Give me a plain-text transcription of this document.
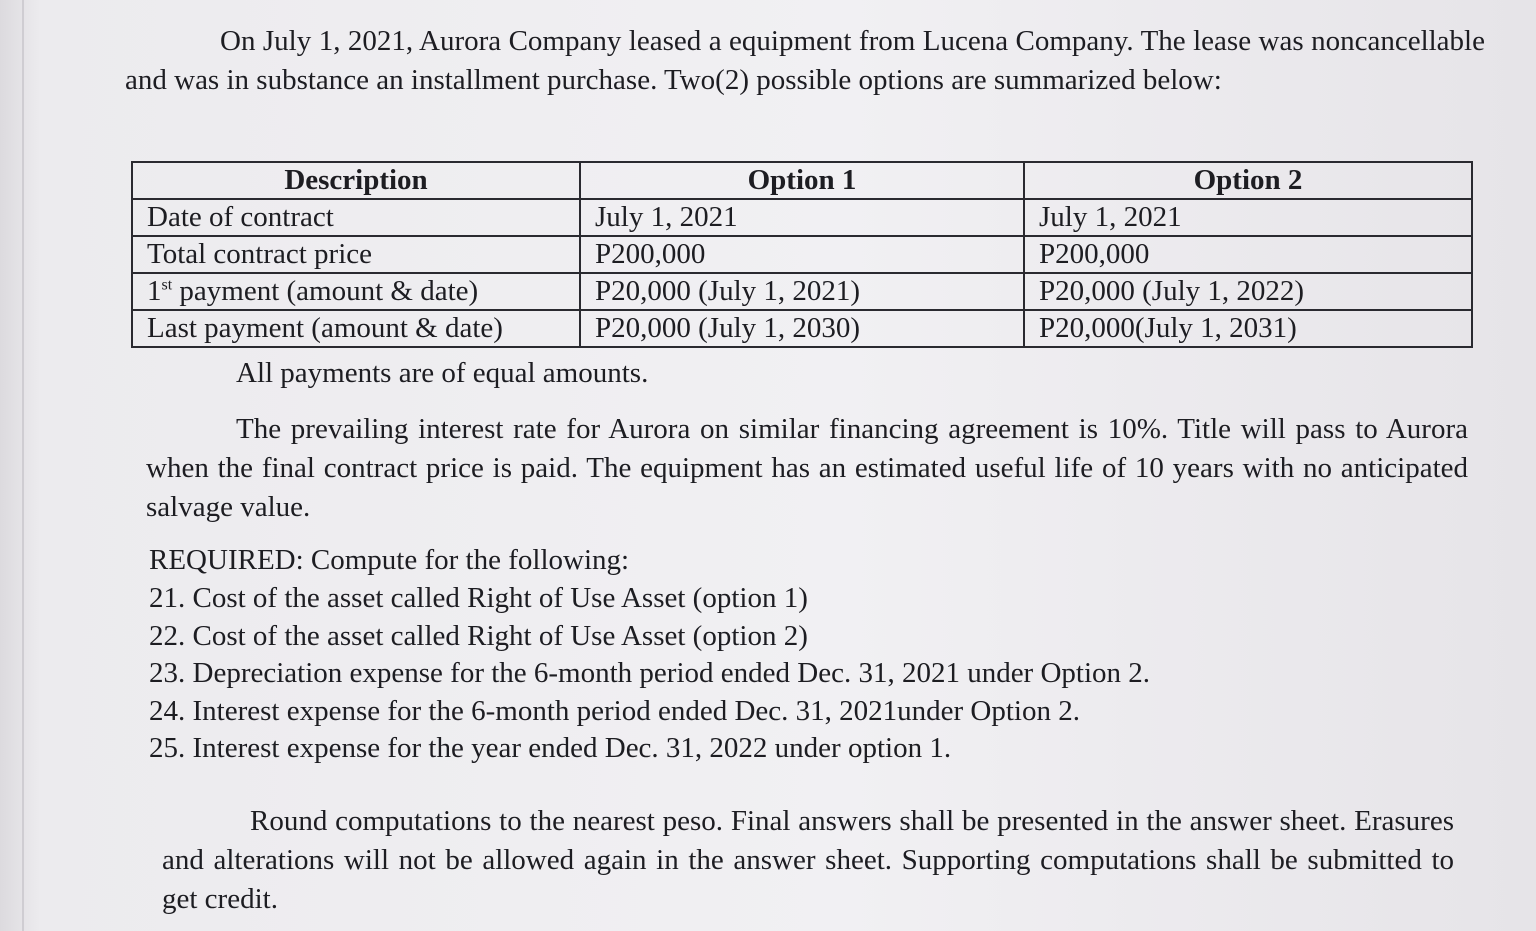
On July 1, 2021, Aurora Company leased a equipment from Lucena Company. The lease was noncancellable and was in substance an installment purchase. Two(2) possible options are summarized below:

Description	Option 1	Option 2
Date of contract	July 1, 2021	July 1, 2021
Total contract price	P200,000	P200,000
1st payment (amount & date)	P20,000 (July 1, 2021)	P20,000 (July 1, 2022)
Last payment (amount & date)	P20,000 (July 1, 2030)	P20,000(July 1, 2031)

All payments are of equal amounts.

The prevailing interest rate for Aurora on similar financing agreement is 10%. Title will pass to Aurora when the final contract price is paid. The equipment has an estimated useful life of 10 years with no anticipated salvage value.

REQUIRED: Compute for the following:

21. Cost of the asset called Right of Use Asset (option 1)
22. Cost of the asset called Right of Use Asset (option 2)
23. Depreciation expense for the 6-month period ended Dec. 31, 2021 under Option 2.
24. Interest expense for the 6-month period ended Dec. 31, 2021under Option 2.
25. Interest expense for the year ended Dec. 31, 2022 under option 1.

Round computations to the nearest peso. Final answers shall be presented in the answer sheet. Erasures and alterations will not be allowed again in the answer sheet. Supporting computations shall be submitted to get credit.
